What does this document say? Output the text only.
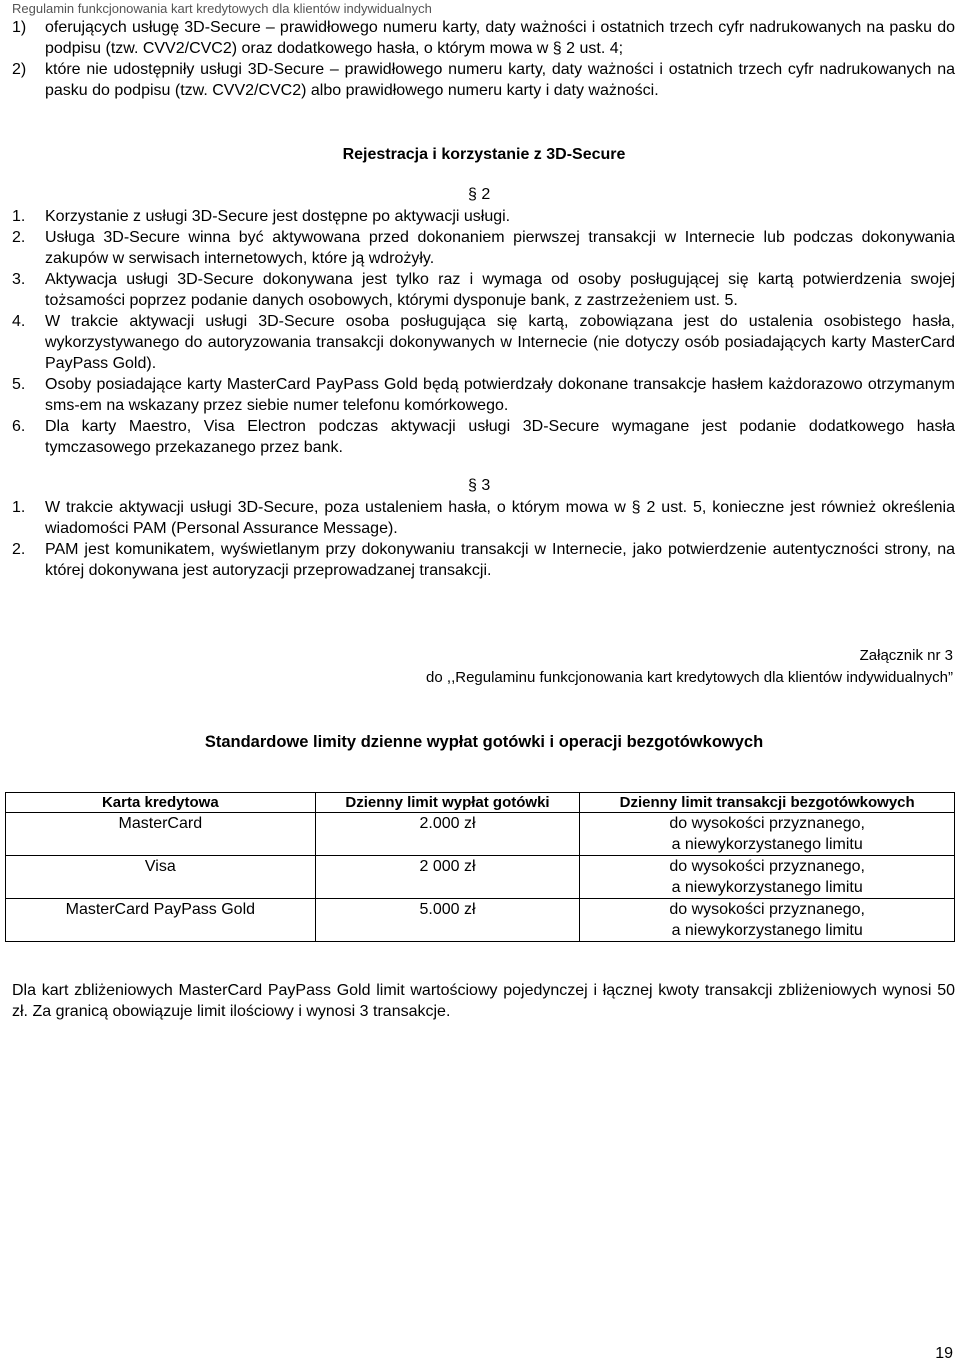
Regulamin funkcjonowania kart kredytowych dla klientów indywidualnych
1) oferujących usługę 3D-Secure – prawidłowego numeru karty, daty ważności i ostatnich trzech cyfr nadrukowanych na pasku do podpisu (tzw. CVV2/CVC2) oraz dodatkowego hasła, o którym mowa w § 2 ust. 4;
2) które nie udostępniły usługi 3D-Secure – prawidłowego numeru karty, daty ważności i ostatnich trzech cyfr nadrukowanych na pasku do podpisu (tzw. CVV2/CVC2) albo prawidłowego numeru karty i daty ważności.
Rejestracja i korzystanie z 3D-Secure
§ 2
1. Korzystanie z usługi 3D-Secure jest dostępne po aktywacji usługi.
2. Usługa 3D-Secure winna być aktywowana przed dokonaniem pierwszej transakcji w Internecie lub podczas dokonywania zakupów w serwisach internetowych, które ją wdrożyły.
3. Aktywacja usługi 3D-Secure dokonywana jest tylko raz i wymaga od osoby posługującej się kartą potwierdzenia swojej tożsamości poprzez podanie danych osobowych, którymi dysponuje bank, z zastrzeżeniem ust. 5.
4. W trakcie aktywacji usługi 3D-Secure osoba posługująca się kartą, zobowiązana jest do ustalenia osobistego hasła, wykorzystywanego do autoryzowania transakcji dokonywanych w Internecie (nie dotyczy osób posiadających karty MasterCard PayPass Gold).
5. Osoby posiadające karty MasterCard PayPass Gold będą potwierdzały dokonane transakcje hasłem każdorazowo otrzymanym sms-em na wskazany przez siebie numer telefonu komórkowego.
6. Dla karty Maestro, Visa Electron podczas aktywacji usługi 3D-Secure wymagane jest podanie dodatkowego hasła tymczasowego przekazanego przez bank.
§ 3
1. W trakcie aktywacji usługi 3D-Secure, poza ustaleniem hasła, o którym mowa w § 2 ust. 5, konieczne jest również określenia wiadomości PAM (Personal Assurance Message).
2. PAM jest komunikatem, wyświetlanym przy dokonywaniu transakcji w Internecie, jako potwierdzenie autentyczności strony, na której dokonywana jest autoryzacji przeprowadzanej transakcji.
Załącznik nr 3
do ,,Regulaminu funkcjonowania kart kredytowych dla klientów indywidualnych”
Standardowe limity dzienne wypłat gotówki i operacji bezgotówkowych
Karta kredytowa	Dzienny limit wypłat gotówki	Dzienny limit transakcji bezgotówkowych
MasterCard	2.000 zł	do wysokości przyznanego,
a niewykorzystanego limitu

Visa	2 000 zł	do wysokości przyznanego,
a niewykorzystanego limitu

MasterCard PayPass Gold	5.000 zł	do wysokości przyznanego,
a niewykorzystanego limitu
Dla kart zbliżeniowych MasterCard PayPass Gold limit wartościowy pojedynczej i łącznej kwoty transakcji zbliżeniowych wynosi 50 zł. Za granicą obowiązuje limit ilościowy i wynosi 3 transakcje.
19
